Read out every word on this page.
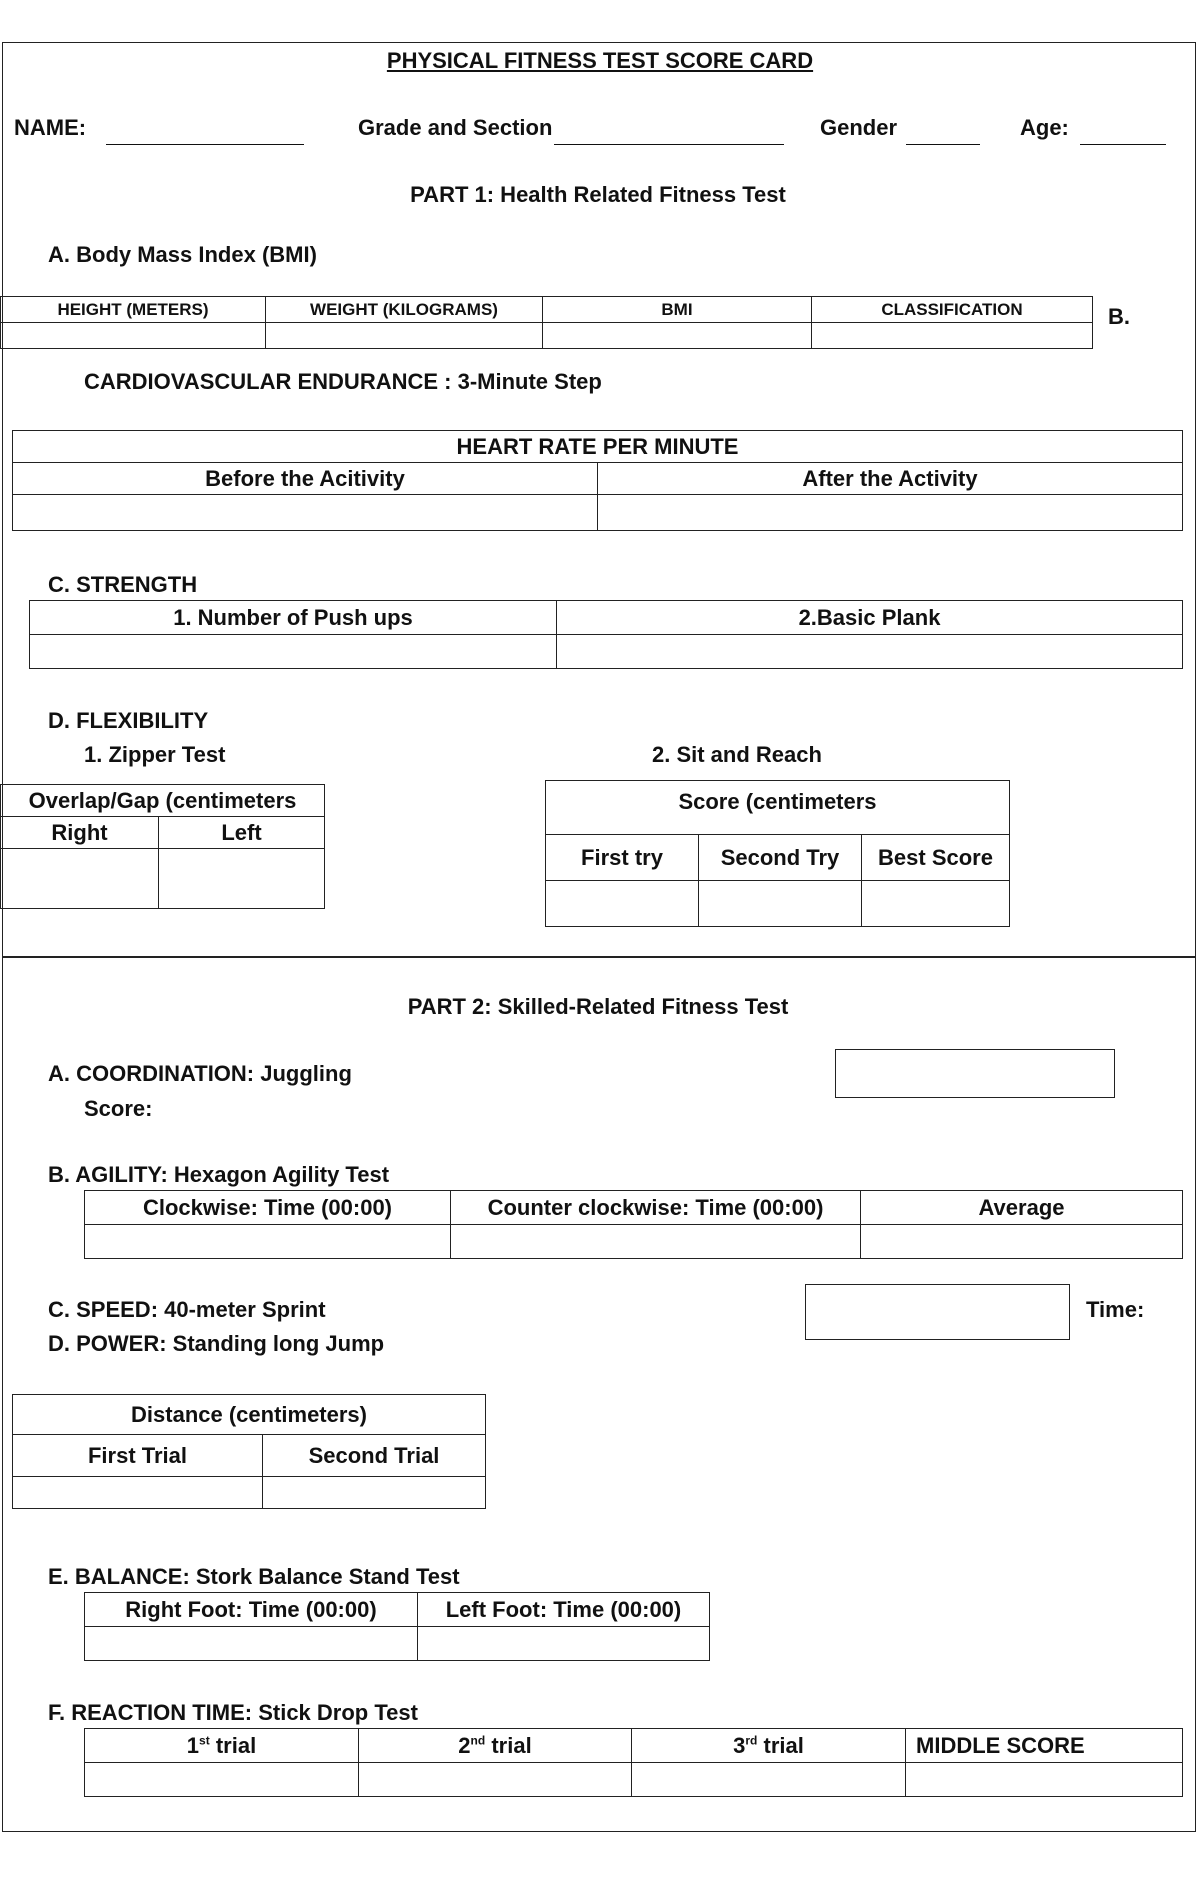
PHYSICAL FITNESS TEST SCORE CARD
NAME:	Grade and Section	Gender	Age:
PART 1: Health Related Fitness Test
A. Body Mass Index (BMI)
HEIGHT (METERS)	WEIGHT (KILOGRAMS)	BMI	CLASSIFICATION
				B.
CARDIOVASCULAR ENDURANCE : 3-Minute Step
HEART RATE PER MINUTE	
Before the Acitivity	After the Activity

C. STRENGTH
1. Number of Push ups	2.Basic Plank

D. FLEXIBILITY
1. Zipper Test	2. Sit and Reach
Overlap/Gap (centimeters	
Right	Left

Score (centimeters		
First try	Second Try	Best Score

PART 2: Skilled-Related Fitness Test
A. COORDINATION: Juggling
Score:
B. AGILITY: Hexagon Agility Test
Clockwise: Time (00:00)	Counter clockwise: Time (00:00)	Average

C. SPEED: 40-meter Sprint	Time:
D. POWER: Standing long Jump
Distance (centimeters)	
First Trial	Second Trial

E. BALANCE: Stork Balance Stand Test
Right Foot: Time (00:00)	Left Foot: Time (00:00)

F. REACTION TIME: Stick Drop Test
1st trial	2nd trial	3rd trial	MIDDLE SCORE
